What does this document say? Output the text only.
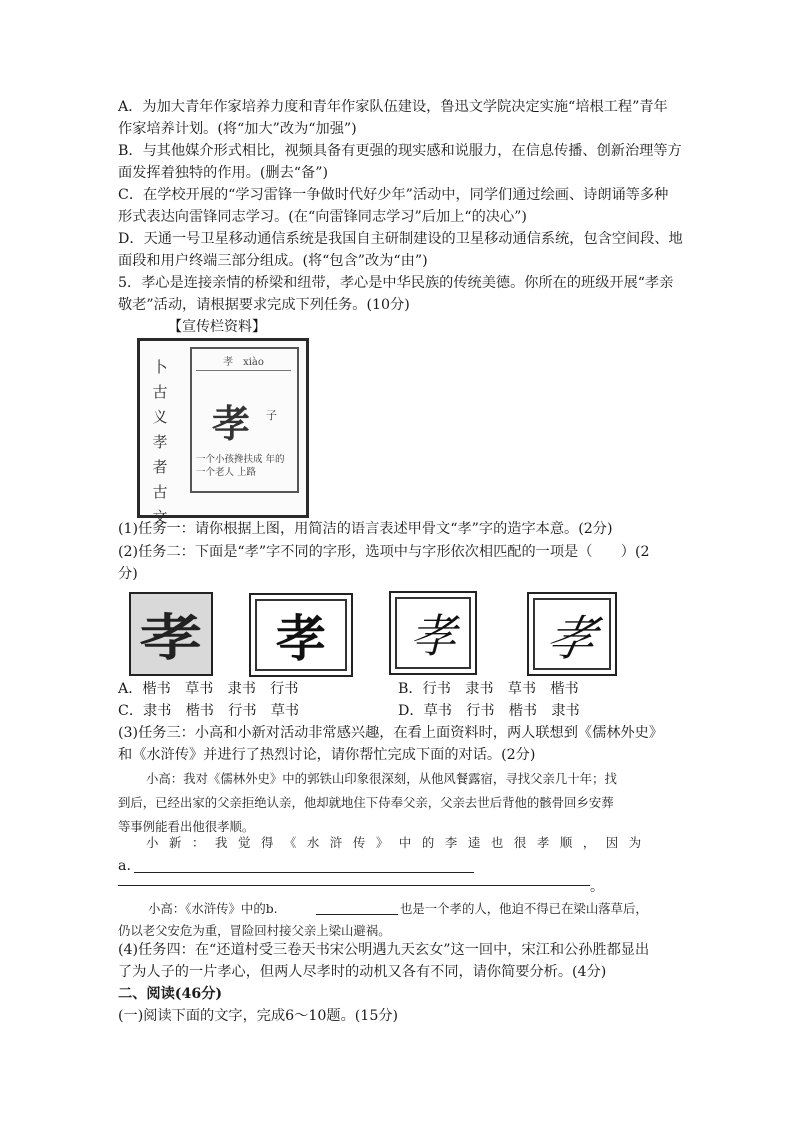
A．为加大青年作家培养力度和青年作家队伍建设，鲁迅文学院决定实施“培根工程”青年

作家培养计划。(将“加大”改为“加强”)

B．与其他媒介形式相比，视频具备有更强的现实感和说服力，在信息传播、创新治理等方

面发挥着独特的作用。(删去“备”)

C．在学校开展的“学习雷锋一争做时代好少年”活动中，同学们通过绘画、诗朗诵等多种

形式表达向雷锋同志学习。(在“向雷锋同志学习”后加上“的决心”)

D．天通一号卫星移动通信系统是我国自主研制建设的卫星移动通信系统，包含空间段、地

面段和用户终端三部分组成。(将“包含”改为“由”)

5．孝心是连接亲情的桥梁和纽带，孝心是中华民族的传统美德。你所在的班级开展“孝亲

敬老”活动，请根据要求完成下列任务。(10分)

【宣传栏资料】
卜 古 义 孝 者 古 文
孝　xiào
孝 子
一个小孩搀扶成 年的一个老人 上路

(1)任务一：请你根据上图，用简洁的语言表述甲骨文“孝”字的造字本意。(2分)

(2)任务二：下面是“孝”字不同的字形，选项中与字形依次相匹配的一项是（　　）(2

分)

孝 孝 孝 孝

A．楷书　草书　隶书　行书	B．行书　隶书　草书　楷书

C．隶书　楷书　行书　草书	D．草书　行书　楷书　隶书

(3)任务三：小高和小新对活动非常感兴趣，在看上面资料时，两人联想到《儒林外史》

和《水浒传》并进行了热烈讨论，请你帮忙完成下面的对话。(2分)

小高：我对《儒林外史》中的郭铁山印象很深刻，从他风餐露宿，寻找父亲几十年；找

到后，已经出家的父亲拒绝认亲，他却就地住下侍奉父亲，父亲去世后背他的骸骨回乡安葬

等事例能看出他很孝顺。

小新：我觉得《水浒传》中的李逵也很孝顺，因为

a.

。

小高：《水浒传》中的b.	也是一个孝的人，他迫不得已在梁山落草后，

仍以老父安危为重，冒险回村接父亲上梁山避祸。

(4)任务四：在“还道村受三卷天书宋公明遇九天玄女”这一回中，宋江和公孙胜都显出

了为人子的一片孝心，但两人尽孝时的动机又各有不同，请你简要分析。(4分)

二、阅读(46分)

(一)阅读下面的文字，完成6～10题。(15分)
